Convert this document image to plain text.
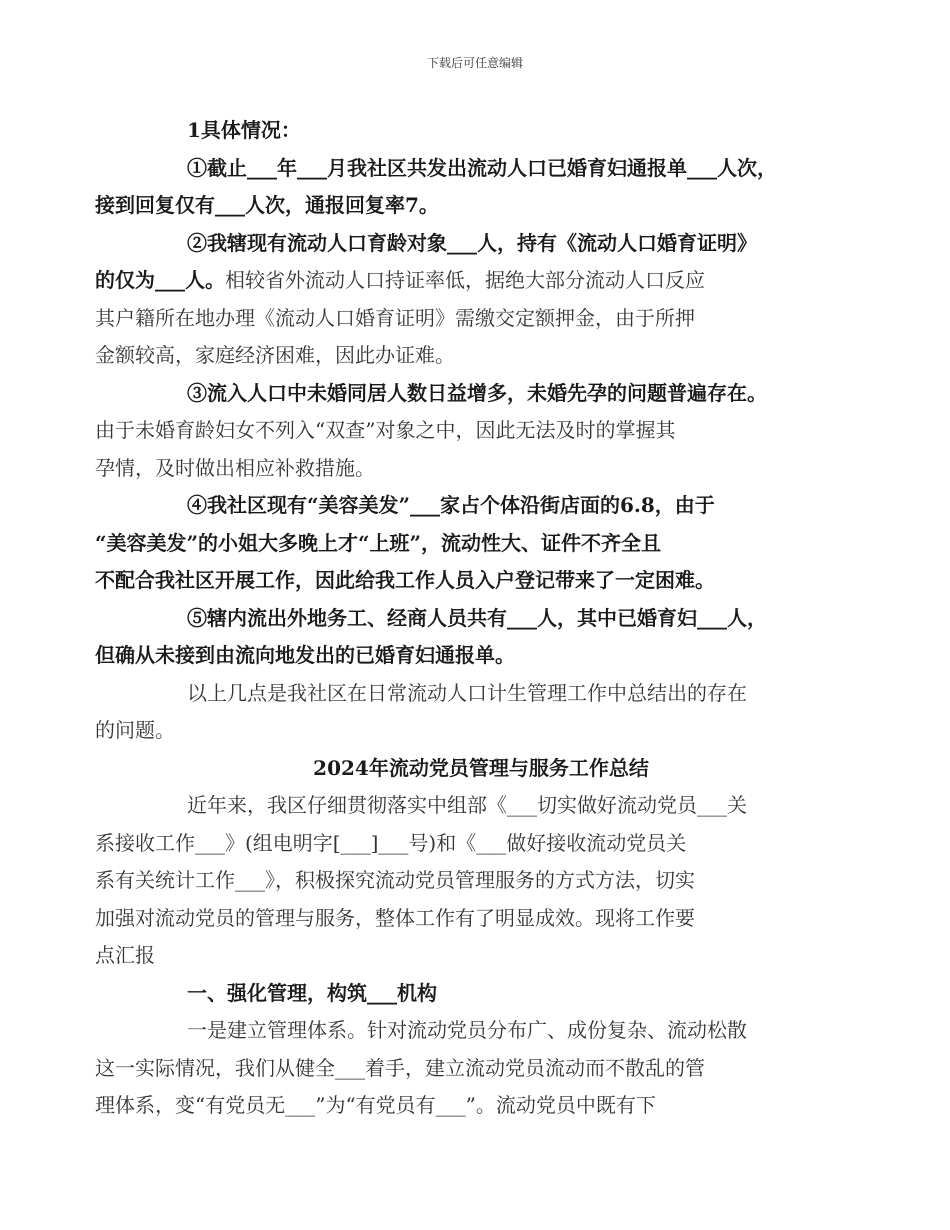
下载后可任意编辑

1具体情况：

①截止___年___月我社区共发出流动人口已婚育妇通报单___人次，
接到回复仅有___人次，通报回复率7。

②我辖现有流动人口育龄对象___人，持有《流动人口婚育证明》
的仅为___人。相较省外流动人口持证率低，据绝大部分流动人口反应
其户籍所在地办理《流动人口婚育证明》需缴交定额押金，由于所押
金额较高，家庭经济困难，因此办证难。

③流入人口中未婚同居人数日益增多，未婚先孕的问题普遍存在。
由于未婚育龄妇女不列入“双查”对象之中，因此无法及时的掌握其
孕情，及时做出相应补救措施。

④我社区现有“美容美发”___家占个体沿街店面的6.8，由于
“美容美发”的小姐大多晚上才“上班”，流动性大、证件不齐全且
不配合我社区开展工作，因此给我工作人员入户登记带来了一定困难。

⑤辖内流出外地务工、经商人员共有___人，其中已婚育妇___人，
但确从未接到由流向地发出的已婚育妇通报单。

以上几点是我社区在日常流动人口计生管理工作中总结出的存在
的问题。

2024年流动党员管理与服务工作总结

近年来，我区仔细贯彻落实中组部《___切实做好流动党员___关
系接收工作___》(组电明字[___]___号)和《___做好接收流动党员关
系有关统计工作___》，积极探究流动党员管理服务的方式方法，切实
加强对流动党员的管理与服务，整体工作有了明显成效。现将工作要
点汇报

一、强化管理，构筑___机构

一是建立管理体系。针对流动党员分布广、成份复杂、流动松散
这一实际情况，我们从健全___着手，建立流动党员流动而不散乱的管
理体系，变“有党员无___”为“有党员有___”。流动党员中既有下
